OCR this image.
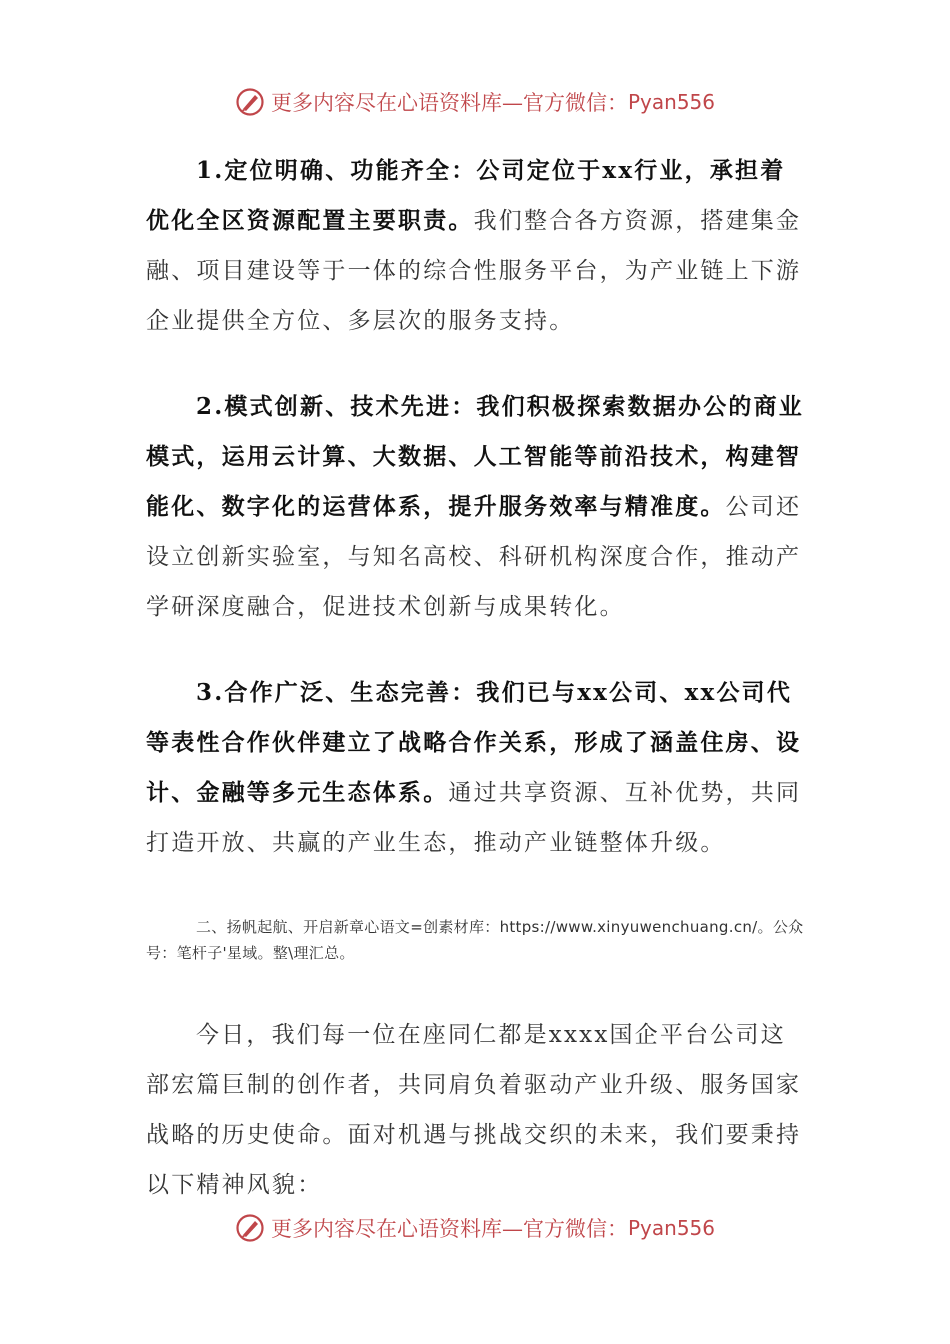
更多内容尽在心语资料库—官方微信： Pyan556

1.定位明确、功能齐全：公司定位于xx行业，承担着优化全区资源配置主要职责。我们整合各方资源，搭建集金融、项目建设等于一体的综合性服务平台，为产业链上下游企业提供全方位、多层次的服务支持。

2.模式创新、技术先进：我们积极探索数据办公的商业模式，运用云计算、大数据、人工智能等前沿技术，构建智能化、数字化的运营体系，提升服务效率与精准度。公司还设立创新实验室，与知名高校、科研机构深度合作，推动产学研深度融合，促进技术创新与成果转化。

3.合作广泛、生态完善：我们已与xx公司、xx公司代等表性合作伙伴建立了战略合作关系，形成了涵盖住房、设计、金融等多元生态体系。通过共享资源、互补优势，共同打造开放、共赢的产业生态，推动产业链整体升级。

二、扬帆起航、开启新章心语文=创素材库：https://www.xinyuwenchuang.cn/。公众号：笔杆子'星域。整\理汇总。

今日，我们每一位在座同仁都是xxxx国企平台公司这部宏篇巨制的创作者，共同肩负着驱动产业升级、服务国家战略的历史使命。面对机遇与挑战交织的未来，我们要秉持以下精神风貌：

更多内容尽在心语资料库—官方微信： Pyan556
